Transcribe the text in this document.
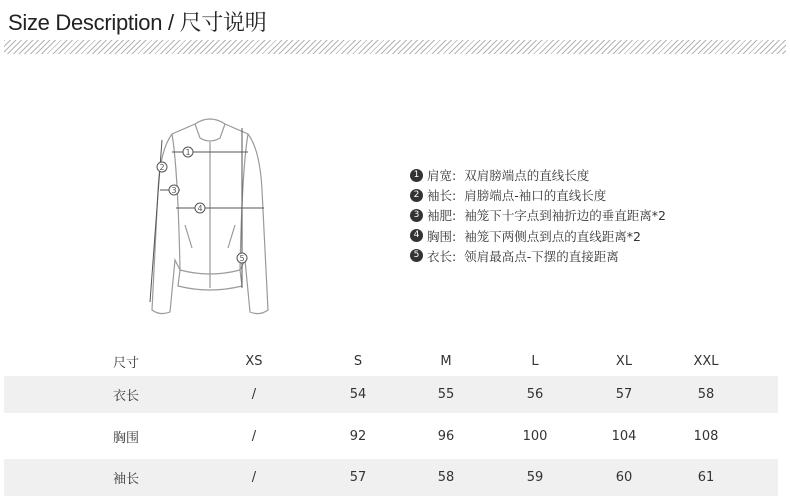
Size Description / 尺寸说明
1
2
3
4
5
1 肩宽: 双肩膀端点的直线长度
2 袖长: 肩膀端点-袖口的直线长度
3 袖肥: 袖笼下十字点到袖折边的垂直距离*2
4 胸围: 袖笼下两侧点到点的直线距离*2
5 衣长: 领肩最高点-下摆的直接距离
尺寸	XS	S	M	L	XL	XXL
衣长	/	54	55	56	57	58
胸围	/	92	96	100	104	108
袖长	/	57	58	59	60	61
